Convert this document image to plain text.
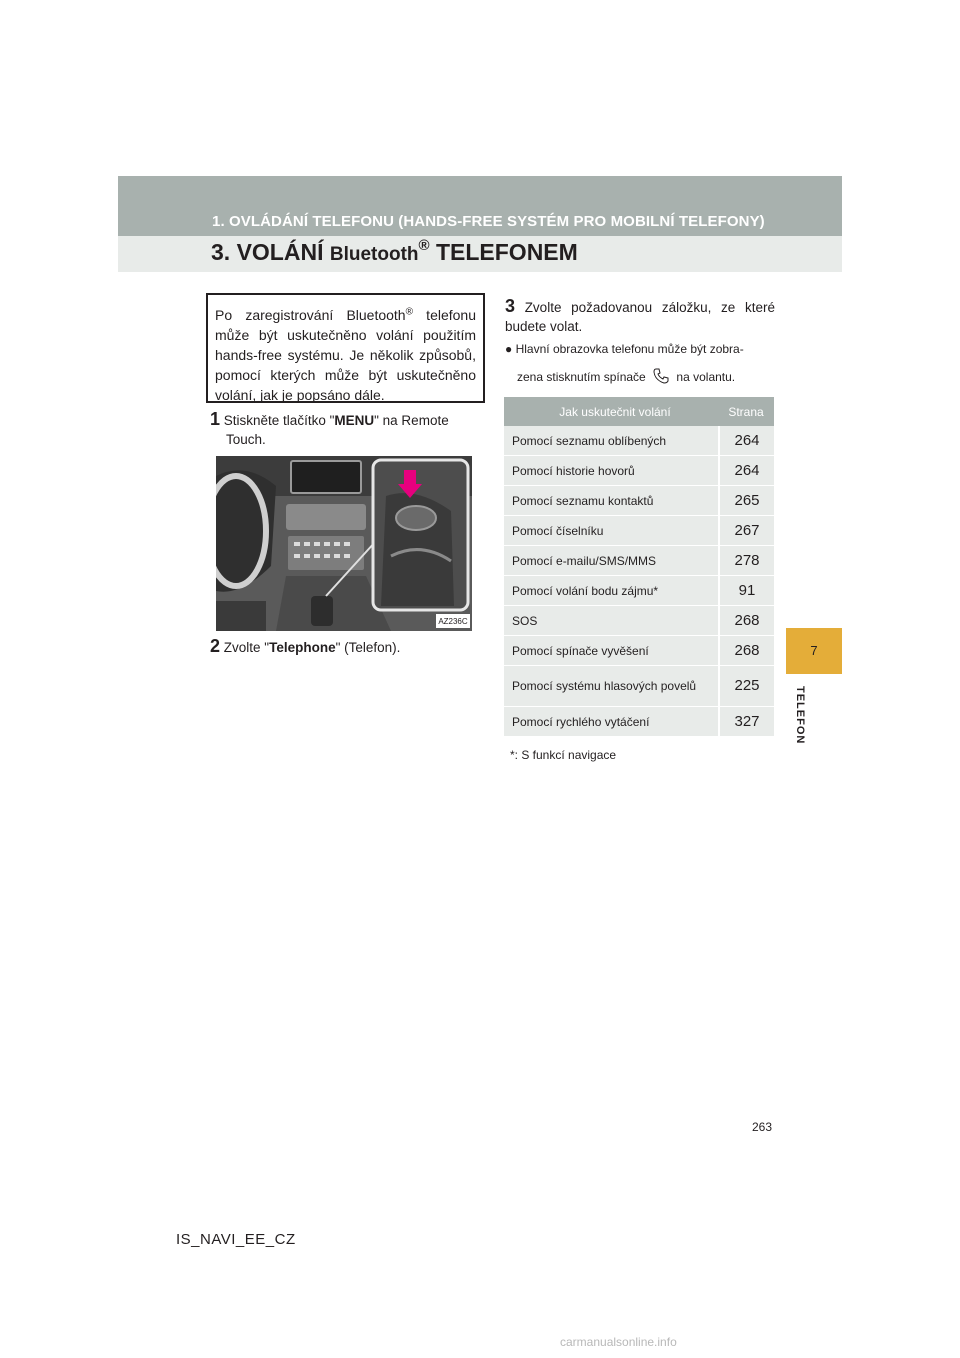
1. OVLÁDÁNÍ TELEFONU (HANDS-FREE SYSTÉM PRO MOBILNÍ TELEFONY)
3. VOLÁNÍ Bluetooth® TELEFONEM
7
TELEFON
Po zaregistrování Bluetooth® telefonu může být uskutečněno volání použitím hands-free systému. Je několik způsobů, pomocí kterých může být uskutečněno volání, jak je popsáno dále.
1 Stiskněte tlačítko "MENU" na Remote
Touch.
AZ236C
2 Zvolte "Telephone" (Telefon).
3 Zvolte požadovanou záložku, ze které budete volat.
● Hlavní obrazovka telefonu může být zobra-
zena stisknutím spínače	na volantu.
Jak uskutečnit volání	Strana
Pomocí seznamu oblíbených	264
Pomocí historie hovorů	264
Pomocí seznamu kontaktů	265
Pomocí číselníku	267
Pomocí e-mailu/SMS/MMS	278
Pomocí volání bodu zájmu*	91
SOS	268
Pomocí spínače vyvěšení	268
Pomocí systému hlasových povelů	225
Pomocí rychlého vytáčení	327
*: S funkcí navigace
263
IS_NAVI_EE_CZ
carmanualsonline.info
